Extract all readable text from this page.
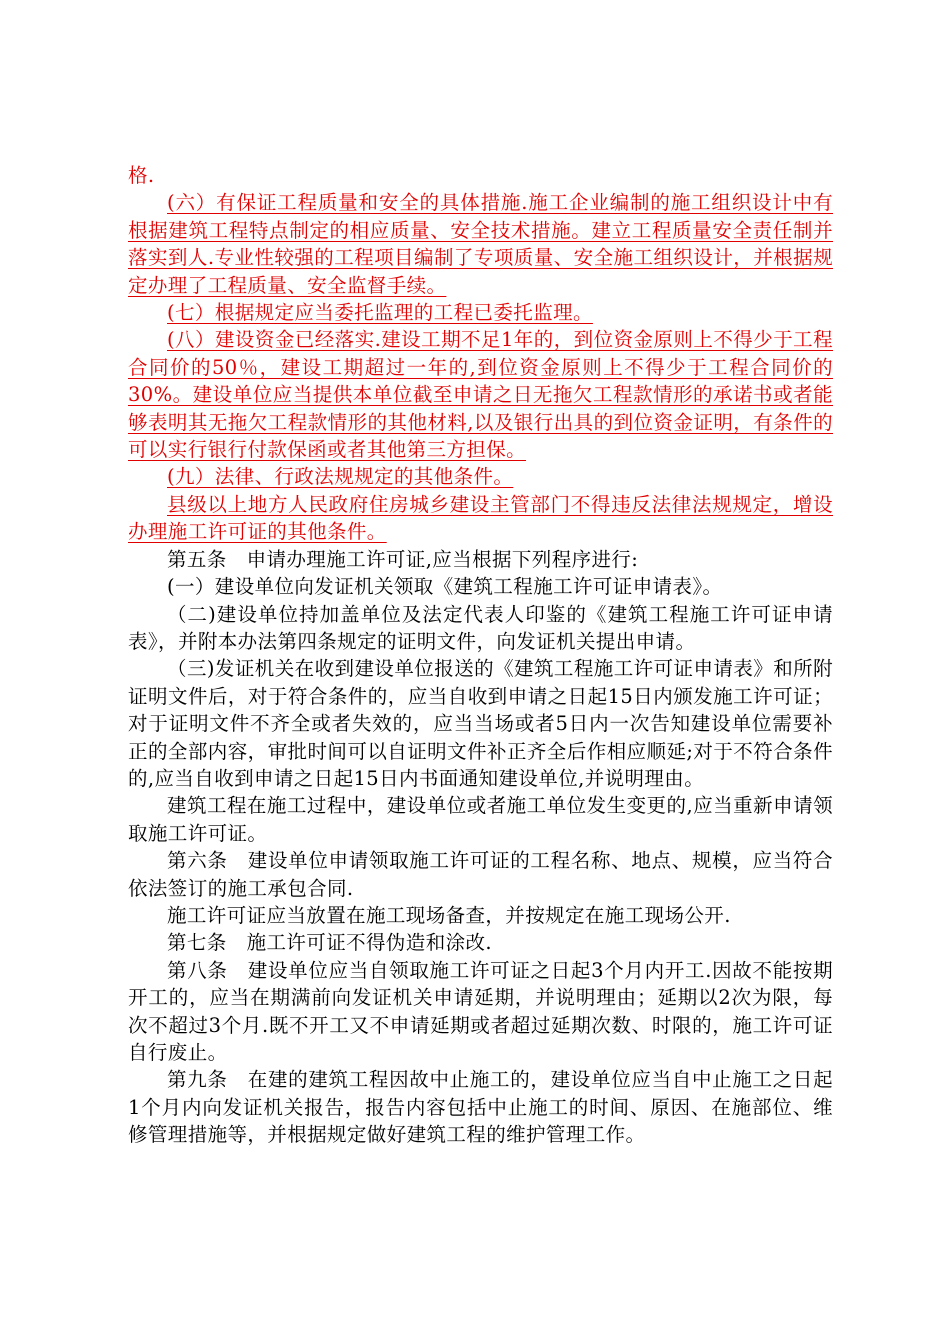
格.

(六）有保证工程质量和安全的具体措施.施工企业编制的施工组织设计中有根据建筑工程特点制定的相应质量、安全技术措施。建立工程质量安全责任制并落实到人.专业性较强的工程项目编制了专项质量、安全施工组织设计，并根据规定办理了工程质量、安全监督手续。

(七）根据规定应当委托监理的工程已委托监理。

(八）建设资金已经落实.建设工期不足1年的，到位资金原则上不得少于工程合同价的50％，建设工期超过一年的,到位资金原则上不得少于工程合同价的30%。建设单位应当提供本单位截至申请之日无拖欠工程款情形的承诺书或者能够表明其无拖欠工程款情形的其他材料,以及银行出具的到位资金证明，有条件的可以实行银行付款保函或者其他第三方担保。

(九）法律、行政法规规定的其他条件。

县级以上地方人民政府住房城乡建设主管部门不得违反法律法规规定，增设办理施工许可证的其他条件。

第五条　申请办理施工许可证,应当根据下列程序进行:

(一）建设单位向发证机关领取《建筑工程施工许可证申请表》。

（二)建设单位持加盖单位及法定代表人印鉴的《建筑工程施工许可证申请表》，并附本办法第四条规定的证明文件，向发证机关提出申请。

（三)发证机关在收到建设单位报送的《建筑工程施工许可证申请表》和所附证明文件后，对于符合条件的，应当自收到申请之日起15日内颁发施工许可证；对于证明文件不齐全或者失效的，应当当场或者5日内一次告知建设单位需要补正的全部内容，审批时间可以自证明文件补正齐全后作相应顺延;对于不符合条件的,应当自收到申请之日起15日内书面通知建设单位,并说明理由。

建筑工程在施工过程中，建设单位或者施工单位发生变更的,应当重新申请领取施工许可证。

第六条　建设单位申请领取施工许可证的工程名称、地点、规模，应当符合依法签订的施工承包合同.

施工许可证应当放置在施工现场备查，并按规定在施工现场公开.

第七条　施工许可证不得伪造和涂改.

第八条　建设单位应当自领取施工许可证之日起3个月内开工.因故不能按期开工的，应当在期满前向发证机关申请延期，并说明理由；延期以2次为限，每次不超过3个月.既不开工又不申请延期或者超过延期次数、时限的，施工许可证自行废止。

第九条　在建的建筑工程因故中止施工的，建设单位应当自中止施工之日起1个月内向发证机关报告，报告内容包括中止施工的时间、原因、在施部位、维修管理措施等，并根据规定做好建筑工程的维护管理工作。
